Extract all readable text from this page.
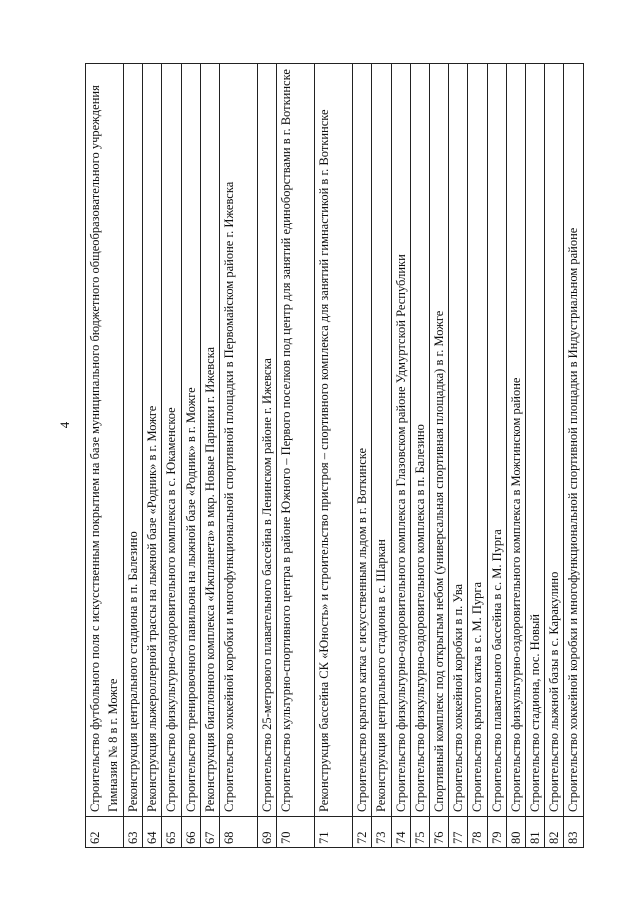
4
62	Строительство футбольного поля с искусственным покрытием на базе муниципального бюджетного общеобразовательного учреждения Гимназия № 8 в г. Можге
63	Реконструкция центрального стадиона в п. Балезино
64	Реконструкция лыжероллерной трассы на лыжной базе «Родник» в г. Можге
65	Строительство физкультурно-оздоровительного комплекса в с. Юкаменское
66	Строительство тренировочного павильона на лыжной базе «Родник» в г. Можге
67	Реконструкция биатлонного комплекса «Ижпланета» в мкр. Новые Парники г. Ижевска
68	Строительство хоккейной коробки и многофункциональной спортивной площадки в Первомайском районе г. Ижевска
69	Строительство 25-метрового плавательного бассейна в Ленинском районе г. Ижевска
70	Строительство культурно-спортивного центра в районе Южного – Первого поселков под центр для занятий единоборствами в г. Воткинске
71	Реконструкция бассейна СК «Юность» и строительство пристроя – спортивного комплекса для занятий гимнастикой в г. Воткинске
72	Строительство крытого катка с искусственным льдом в г. Воткинске
73	Реконструкция центрального стадиона в с. Шаркан
74	Строительство физкультурно-оздоровительного комплекса в Глазовском районе Удмуртской Республики
75	Строительство физкультурно-оздоровительного комплекса в п. Балезино
76	Спортивный комплекс под открытым небом (универсальная спортивная площадка) в г. Можге
77	Строительство хоккейной коробки в п. Ува
78	Строительство крытого катка в с. М. Пурга
79	Строительство плавательного бассейна в с. М. Пурга
80	Строительство физкультурно-оздоровительного комплекса в Можгинском районе
81	Строительство стадиона, пос. Новый
82	Строительство лыжной базы в с. Каракулино
83	Строительство хоккейной коробки и многофункциональной спортивной площадки в Индустриальном районе
